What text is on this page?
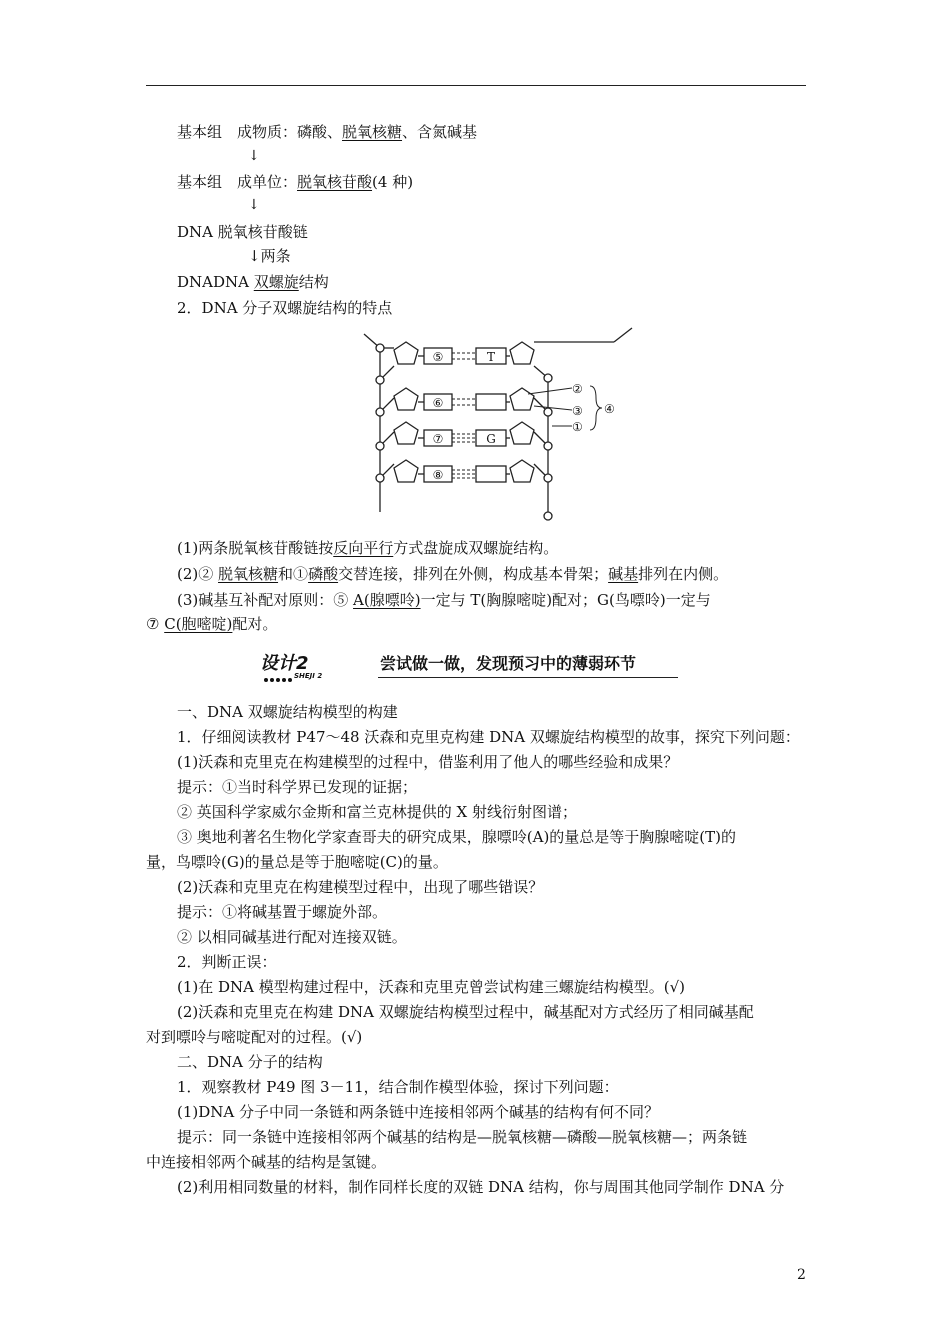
基本组　成物质：磷酸、脱氧核糖、含氮碱基
↓
基本组　成单位：脱氧核苷酸(4 种)
↓
DNA 脱氧核苷酸链
↓两条
DNADNA 双螺旋结构
2．DNA 分子双螺旋结构的特点
⑤
⑥
⑦
⑧
T
G
②
③
①
④
(1)两条脱氧核苷酸链按反向平行方式盘旋成双螺旋结构。
(2)② 脱氧核糖和①磷酸交替连接，排列在外侧，构成基本骨架；碱基排列在内侧。
(3)碱基互补配对原则：⑤ A(腺嘌呤)一定与 T(胸腺嘧啶)配对；G(鸟嘌呤)一定与
⑦ C(胞嘧啶)配对。
设计2
SHEJI 2
尝试做一做，发现预习中的薄弱环节
一、DNA 双螺旋结构模型的构建
1．仔细阅读教材 P47～48 沃森和克里克构建 DNA 双螺旋结构模型的故事，探究下列问题：
(1)沃森和克里克在构建模型的过程中，借鉴利用了他人的哪些经验和成果？
提示：①当时科学界已发现的证据；
② 英国科学家威尔金斯和富兰克林提供的 X 射线衍射图谱；
③ 奥地利著名生物化学家查哥夫的研究成果，腺嘌呤(A)的量总是等于胸腺嘧啶(T)的
量，鸟嘌呤(G)的量总是等于胞嘧啶(C)的量。
(2)沃森和克里克在构建模型过程中，出现了哪些错误？
提示：①将碱基置于螺旋外部。
② 以相同碱基进行配对连接双链。
2．判断正误：
(1)在 DNA 模型构建过程中，沃森和克里克曾尝试构建三螺旋结构模型。(√)
(2)沃森和克里克在构建 DNA 双螺旋结构模型过程中，碱基配对方式经历了相同碱基配
对到嘌呤与嘧啶配对的过程。(√)
二、DNA 分子的结构
1．观察教材 P49 图 3－11，结合制作模型体验，探讨下列问题：
(1)DNA 分子中同一条链和两条链中连接相邻两个碱基的结构有何不同？
提示：同一条链中连接相邻两个碱基的结构是—脱氧核糖—磷酸—脱氧核糖—；两条链
中连接相邻两个碱基的结构是氢键。
(2)利用相同数量的材料，制作同样长度的双链 DNA 结构，你与周围其他同学制作 DNA 分
2
